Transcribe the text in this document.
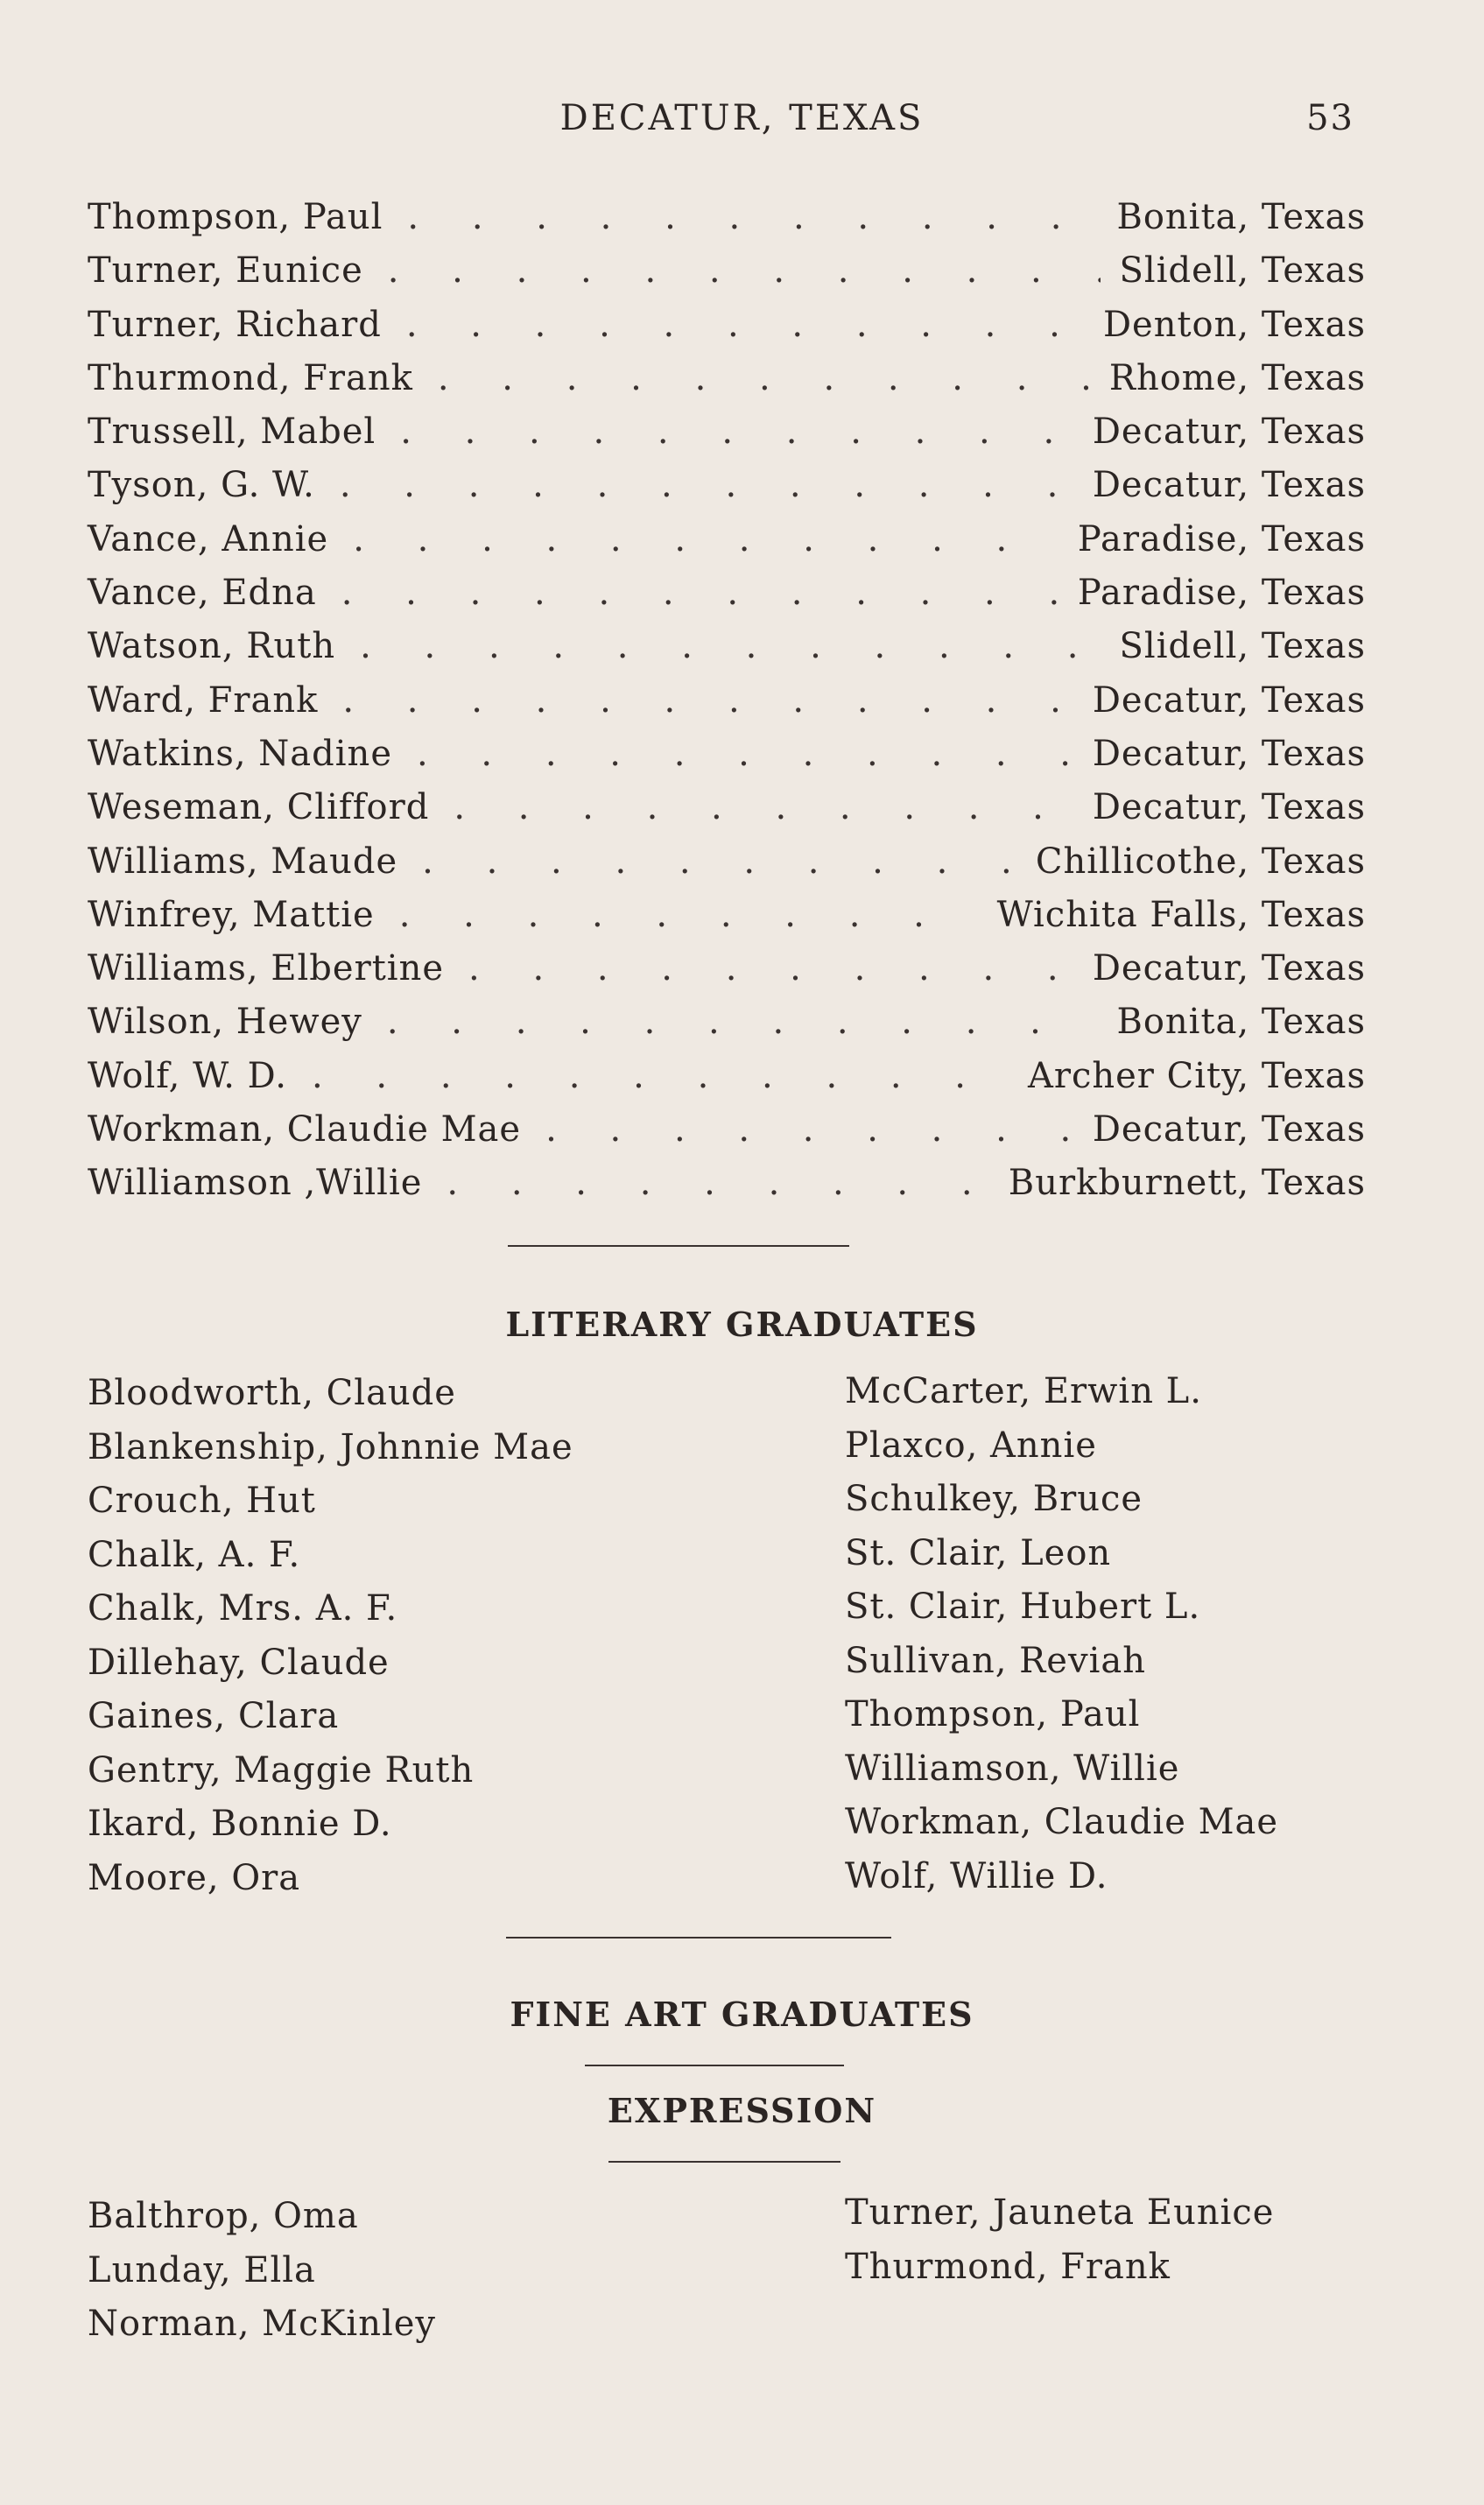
DECATUR, TEXAS	53
Thompson, Paul . . .	Bonita, Texas
Turner, Eunice . . .	Slidell, Texas
Turner, Richard . . .	Denton, Texas
Thurmond, Frank . . .	Rhome, Texas
Trussell, Mabel . . .	Decatur, Texas
Tyson, G. W. . . .	Decatur, Texas
Vance, Annie . . .	Paradise, Texas
Vance, Edna . . .	Paradise, Texas
Watson, Ruth . . .	Slidell, Texas
Ward, Frank . . .	Decatur, Texas
Watkins, Nadine . . .	Decatur, Texas
Weseman, Clifford . . .	Decatur, Texas
Williams, Maude . . .	Chillicothe, Texas
Winfrey, Mattie . . .	Wichita Falls, Texas
Williams, Elbertine . . .	Decatur, Texas
Wilson, Hewey . . .	Bonita, Texas
Wolf, W. D. . . .	Archer City, Texas
Workman, Claudie Mae . . .	Decatur, Texas
Williamson ,Willie . . .	Burkburnett, Texas
LITERARY GRADUATES
Bloodworth, Claude
Blankenship, Johnnie Mae
Crouch, Hut
Chalk, A. F.
Chalk, Mrs. A. F.
Dillehay, Claude
Gaines, Clara
Gentry, Maggie Ruth
Ikard, Bonnie D.
Moore, Ora
McCarter, Erwin L.
Plaxco, Annie
Schulkey, Bruce
St. Clair, Leon
St. Clair, Hubert L.
Sullivan, Reviah
Thompson, Paul
Williamson, Willie
Workman, Claudie Mae
Wolf, Willie D.
FINE ART GRADUATES
EXPRESSION
Balthrop, Oma
Lunday, Ella
Norman, McKinley
Turner, Jauneta Eunice
Thurmond, Frank
